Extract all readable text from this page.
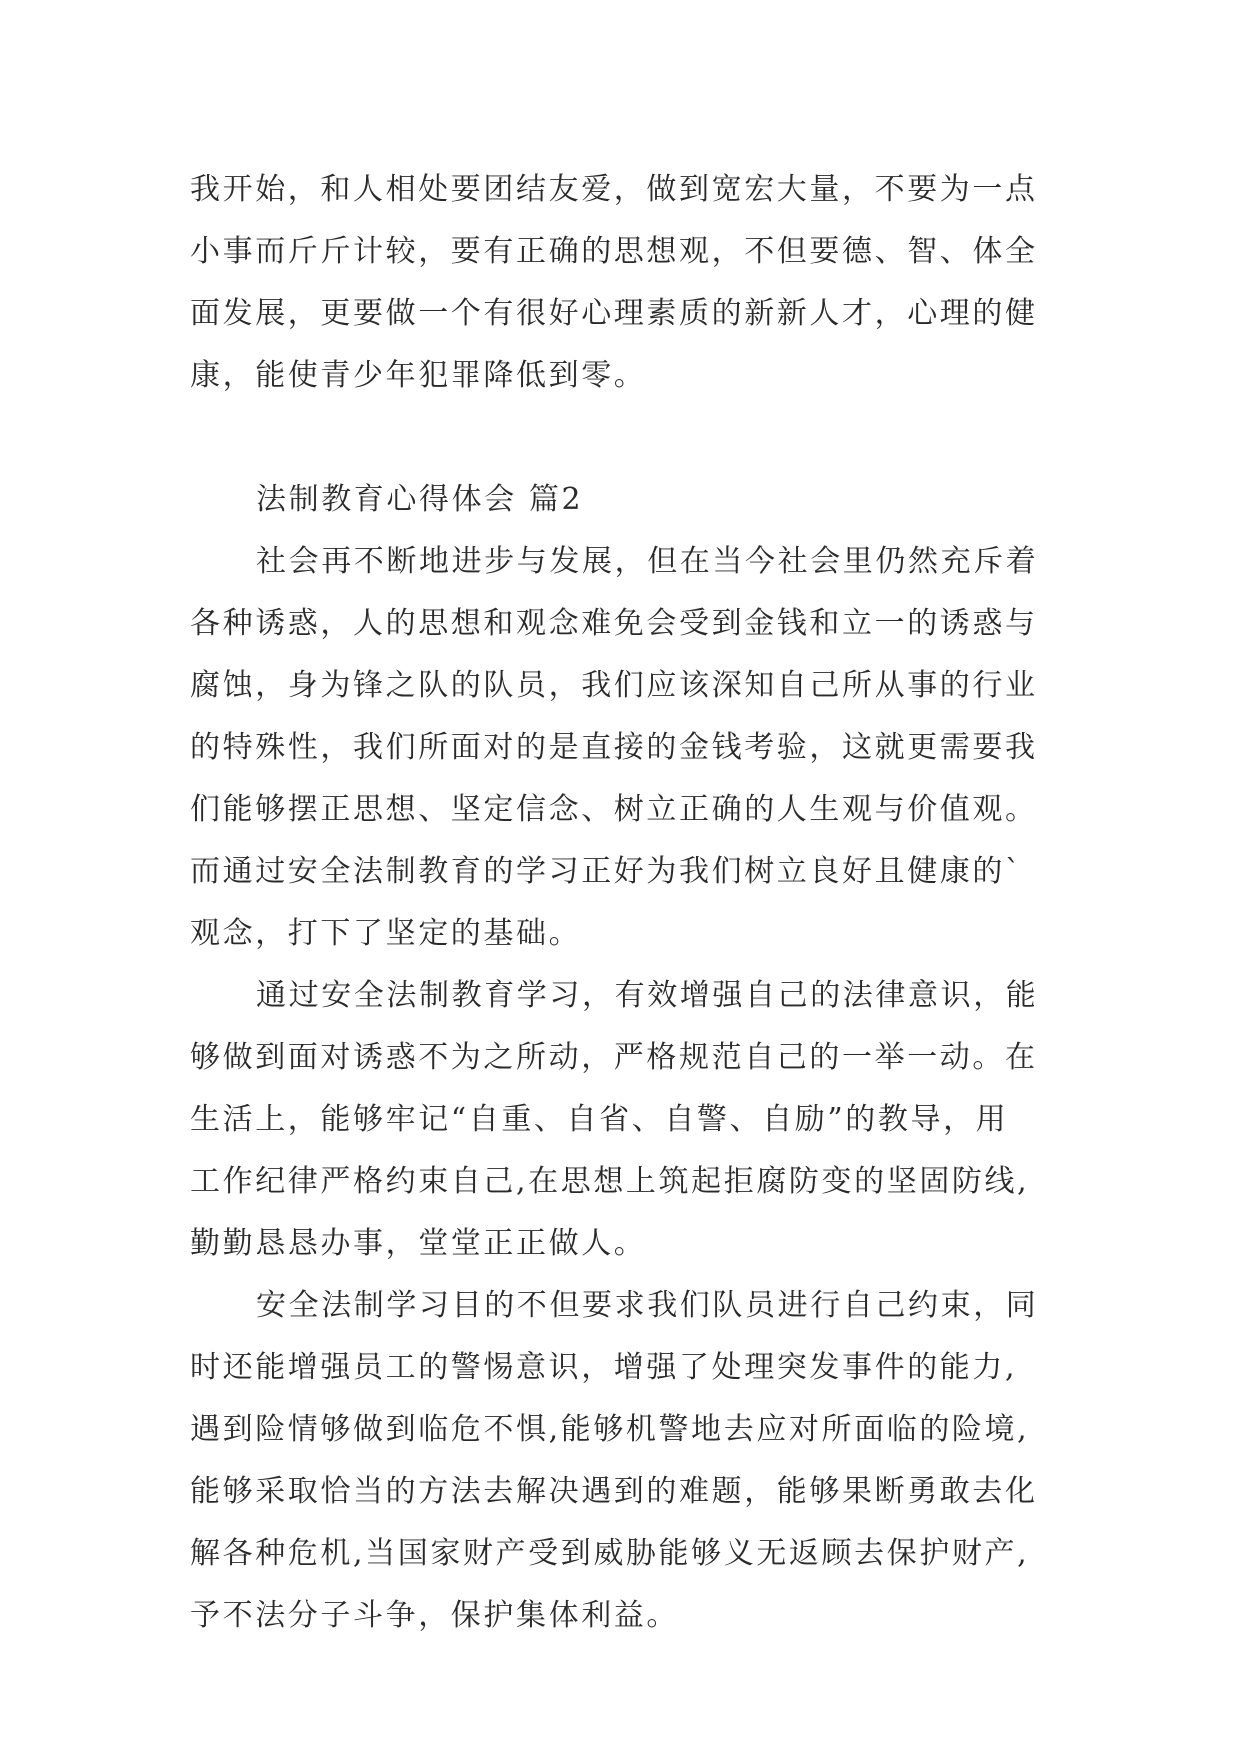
我开始，和人相处要团结友爱，做到宽宏大量，不要为一点
小事而斤斤计较，要有正确的思想观，不但要德、智、体全
面发展，更要做一个有很好心理素质的新新人才，心理的健
康，能使青少年犯罪降低到零。
法制教育心得体会 篇2
社会再不断地进步与发展，但在当今社会里仍然充斥着
各种诱惑，人的思想和观念难免会受到金钱和立一的诱惑与
腐蚀，身为锋之队的队员，我们应该深知自己所从事的行业
的特殊性，我们所面对的是直接的金钱考验，这就更需要我
们能够摆正思想、坚定信念、树立正确的人生观与价值观。
而通过安全法制教育的学习正好为我们树立良好且健康的`
观念，打下了坚定的基础。
通过安全法制教育学习，有效增强自己的法律意识，能
够做到面对诱惑不为之所动，严格规范自己的一举一动。在
生活上，能够牢记“自重、自省、自警、自励”的教导，用
工作纪律严格约束自己,在思想上筑起拒腐防变的坚固防线,
勤勤恳恳办事，堂堂正正做人。
安全法制学习目的不但要求我们队员进行自己约束，同
时还能增强员工的警惕意识，增强了处理突发事件的能力,
遇到险情够做到临危不惧,能够机警地去应对所面临的险境,
能够采取恰当的方法去解决遇到的难题，能够果断勇敢去化
解各种危机,当国家财产受到威胁能够义无返顾去保护财产,
予不法分子斗争，保护集体利益。
